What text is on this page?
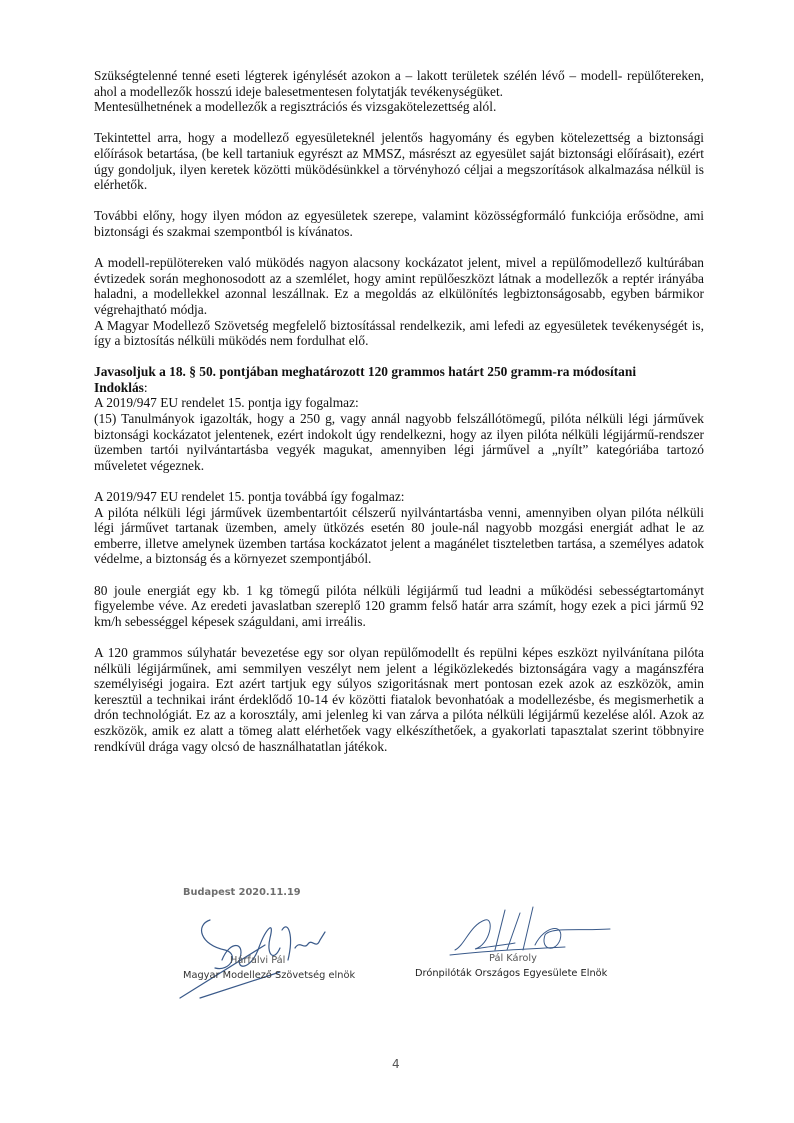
Szükségtelenné tenné eseti légterek igénylését azokon a – lakott területek szélén lévő – modell- repülőtereken, ahol a modellezők hosszú ideje balesetmentesen folytatják tevékenységüket.

Mentesülhetnének a modellezők a regisztrációs és vizsgakötelezettség alól.

Tekintettel arra, hogy a modellező egyesületeknél jelentős hagyomány és egyben kötelezettség a biztonsági előírások betartása, (be kell tartaniuk egyrészt az MMSZ, másrészt az egyesület saját biztonsági előírásait), ezért úgy gondoljuk, ilyen keretek közötti müködésünkkel a törvényhozó céljai a megszorítások alkalmazása nélkül is elérhetők.

További előny, hogy ilyen módon az egyesületek szerepe, valamint közösségformáló funkciója erősödne, ami biztonsági és szakmai szempontból is kívánatos.

A modell-repülötereken való müködés nagyon alacsony kockázatot jelent, mivel a repülőmodellező kultúrában évtizedek során meghonosodott az a szemlélet, hogy amint repülőeszközt látnak a modellezők a reptér irányába haladni, a modellekkel azonnal leszállnak. Ez a megoldás az elkülönítés legbiztonságosabb, egyben bármikor végrehajtható módja.

A Magyar Modellező Szövetség megfelelő biztosítással rendelkezik, ami lefedi az egyesületek tevékenységét is, így a biztosítás nélküli müködés nem fordulhat elő.

Javasoljuk a 18. § 50. pontjában meghatározott 120 grammos határt 250 gramm-ra módosítani

Indoklás:

A 2019/947 EU rendelet 15. pontja igy fogalmaz:

(15) Tanulmányok igazolták, hogy a 250 g, vagy annál nagyobb felszállótömegű, pilóta nélküli légi járművek biztonsági kockázatot jelentenek, ezért indokolt úgy rendelkezni, hogy az ilyen pilóta nélküli légijármű-rendszer üzemben tartói nyilvántartásba vegyék magukat, amennyiben légi járművel a „nyílt” kategóriába tartozó műveletet végeznek.

A 2019/947 EU rendelet 15. pontja továbbá így fogalmaz:

A pilóta nélküli légi járművek üzembentartóit célszerű nyilvántartásba venni, amennyiben olyan pilóta nélküli légi járművet tartanak üzemben, amely ütközés esetén 80 joule-nál nagyobb mozgási energiát adhat le az emberre, illetve amelynek üzemben tartása kockázatot jelent a magánélet tiszteletben tartása, a személyes adatok védelme, a biztonság és a környezet szempontjából.

80 joule energiát egy kb. 1 kg tömegű pilóta nélküli légijármű tud leadni a működési sebességtartományt figyelembe véve. Az eredeti javaslatban szereplő 120 gramm felső határ arra számít, hogy ezek a pici jármű 92 km/h sebességgel képesek száguldani, ami irreális.

A 120 grammos súlyhatár bevezetése egy sor olyan repülőmodellt és repülni képes eszközt nyilvánítana pilóta nélküli légijárműnek, ami semmilyen veszélyt nem jelent a légiközlekedés biztonságára vagy a magánszféra személyiségi jogaira. Ezt azért tartjuk egy súlyos szigoritásnak mert pontosan ezek azok az eszközök, amin keresztül a technikai iránt érdeklődő 10-14 év közötti fiatalok bevonhatóak a modellezésbe, és megismerhetik a drón technológiát. Ez az a korosztály, ami jelenleg ki van zárva a pilóta nélküli légijármű kezelése alól. Azok az eszközök, amik ez alatt a tömeg alatt elérhetőek vagy elkészíthetőek, a gyakorlati tapasztalat szerint többnyire rendkívül drága vagy olcsó de használhatatlan játékok.

Budapest 2020.11.19
Hárfalvi Pál
Magyar Modellező Szövetség elnök
Pál Károly
Drónpilóták Országos Egyesülete Elnök
4
